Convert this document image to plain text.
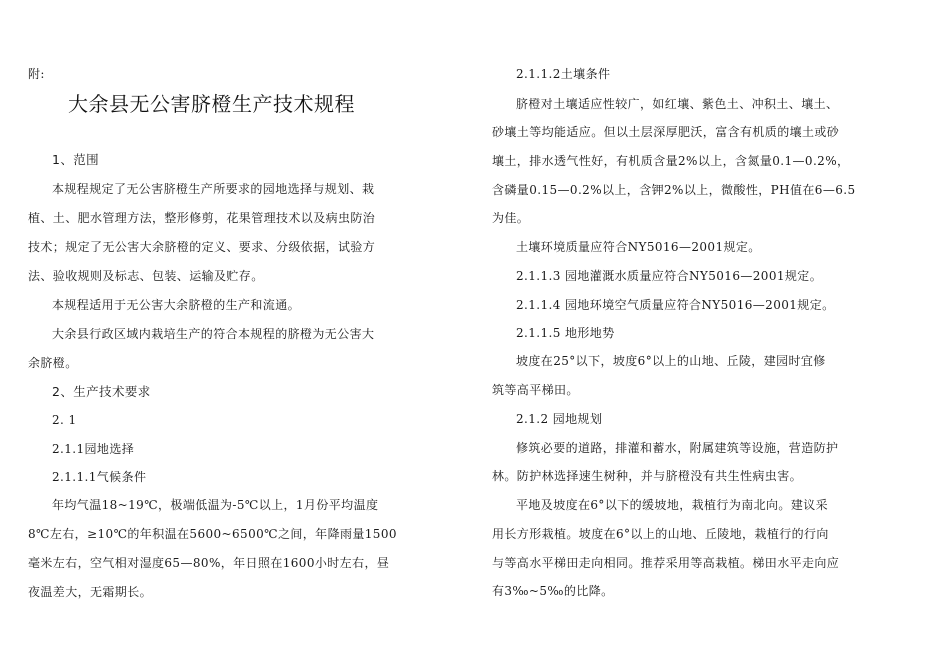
附:
大余县无公害脐橙生产技术规程
1、范围
本规程规定了无公害脐橙生产所要求的园地选择与规划、栽
植、土、肥水管理方法，整形修剪，花果管理技术以及病虫防治
技术；规定了无公害大余脐橙的定义、要求、分级依据，试验方
法、验收规则及标志、包装、运输及贮存。
本规程适用于无公害大余脐橙的生产和流通。
大余县行政区域内栽培生产的符合本规程的脐橙为无公害大
余脐橙。
2、生产技术要求
2. 1
2.1.1园地选择
2.1.1.1气候条件
年均气温18~19℃，极端低温为-5℃以上，1月份平均温度
8℃左右，≥10℃的年积温在5600~6500℃之间，年降雨量1500
毫米左右，空气相对湿度65—80%，年日照在1600小时左右，昼
夜温差大，无霜期长。
2.1.1.2土壤条件
脐橙对土壤适应性较广，如红壤、紫色土、冲积土、壤土、
砂壤土等均能适应。但以土层深厚肥沃，富含有机质的壤土或砂
壤土，排水透气性好，有机质含量2%以上，含氮量0.1—0.2%，
含磷量0.15—0.2%以上，含钾2%以上，微酸性，PH值在6—6.5
为佳。
土壤环境质量应符合NY5016—2001规定。
2.1.1.3 园地灌溉水质量应符合NY5016—2001规定。
2.1.1.4 园地环境空气质量应符合NY5016—2001规定。
2.1.1.5 地形地势
坡度在25°以下，坡度6°以上的山地、丘陵，建园时宜修
筑等高平梯田。
2.1.2 园地规划
修筑必要的道路，排灌和蓄水，附属建筑等设施，营造防护
林。防护林选择速生树种，并与脐橙没有共生性病虫害。
平地及坡度在6°以下的缓坡地，栽植行为南北向。建议采
用长方形栽植。坡度在6°以上的山地、丘陵地，栽植行的行向
与等高水平梯田走向相同。推荐采用等高栽植。梯田水平走向应
有3‰~5‰的比降。
